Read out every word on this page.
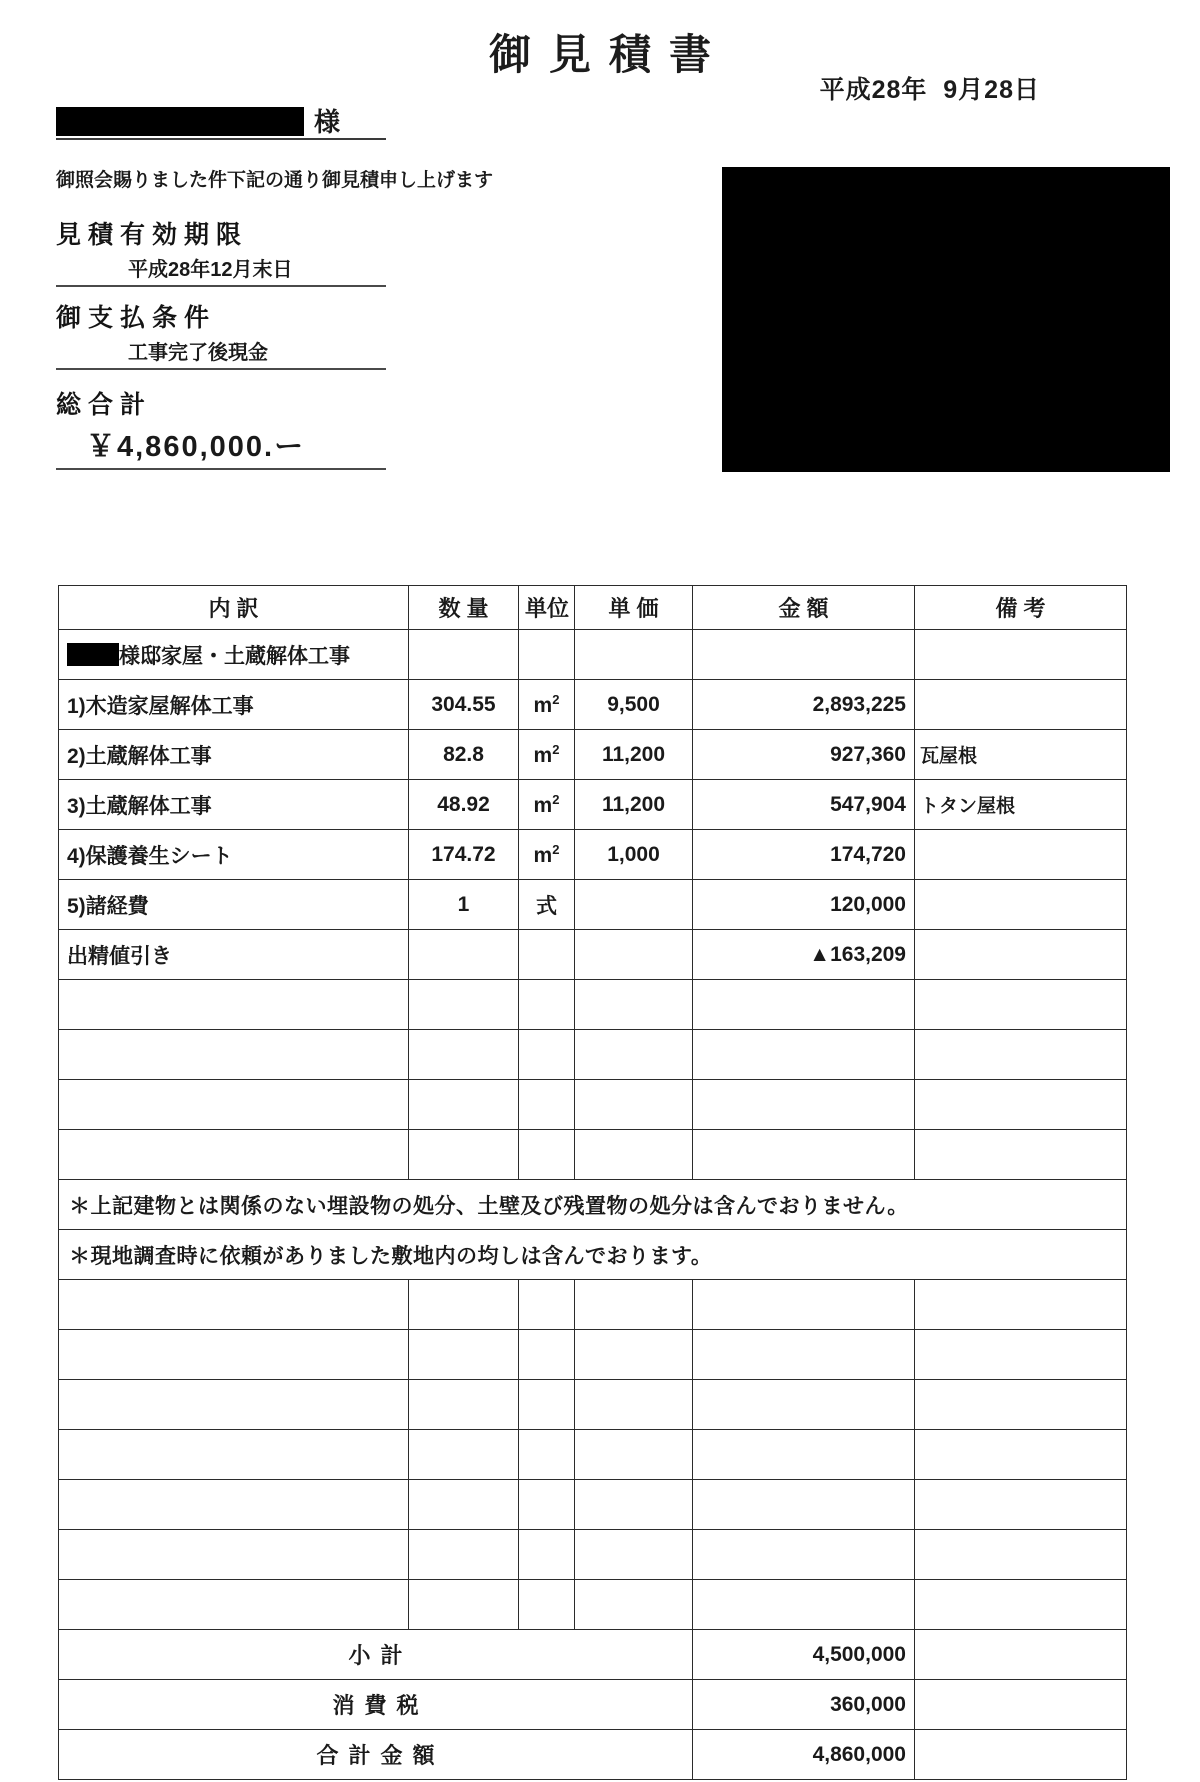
御見積書
平成28年  9月28日
様
御照会賜りました件下記の通り御見積申し上げます
見積有効期限
平成28年12月末日
御支払条件
工事完了後現金
総合計
￥4,860,000.ー
内訳	数量	単位	単価	金額	備考
様邸家屋・土蔵解体工事					
1)木造家屋解体工事	304.55	$m^2$	9,500	2,893,225	
2)土蔵解体工事	82.8	$m^2$	11,200	927,360	瓦屋根
3)土蔵解体工事	48.92	$m^2$	11,200	547,904	トタン屋根
4)保護養生シート	174.72	$m^2$	1,000	174,720	
5)諸経費	1	式		120,000	
出精値引き				▲163,209	

＊上記建物とは関係のない埋設物の処分、土壁及び残置物の処分は含んでおりません。					
＊現地調査時に依頼がありました敷地内の均しは含んでおります。					

小計				4,500,000	
消費税				360,000	
合計金額				4,860,000	
